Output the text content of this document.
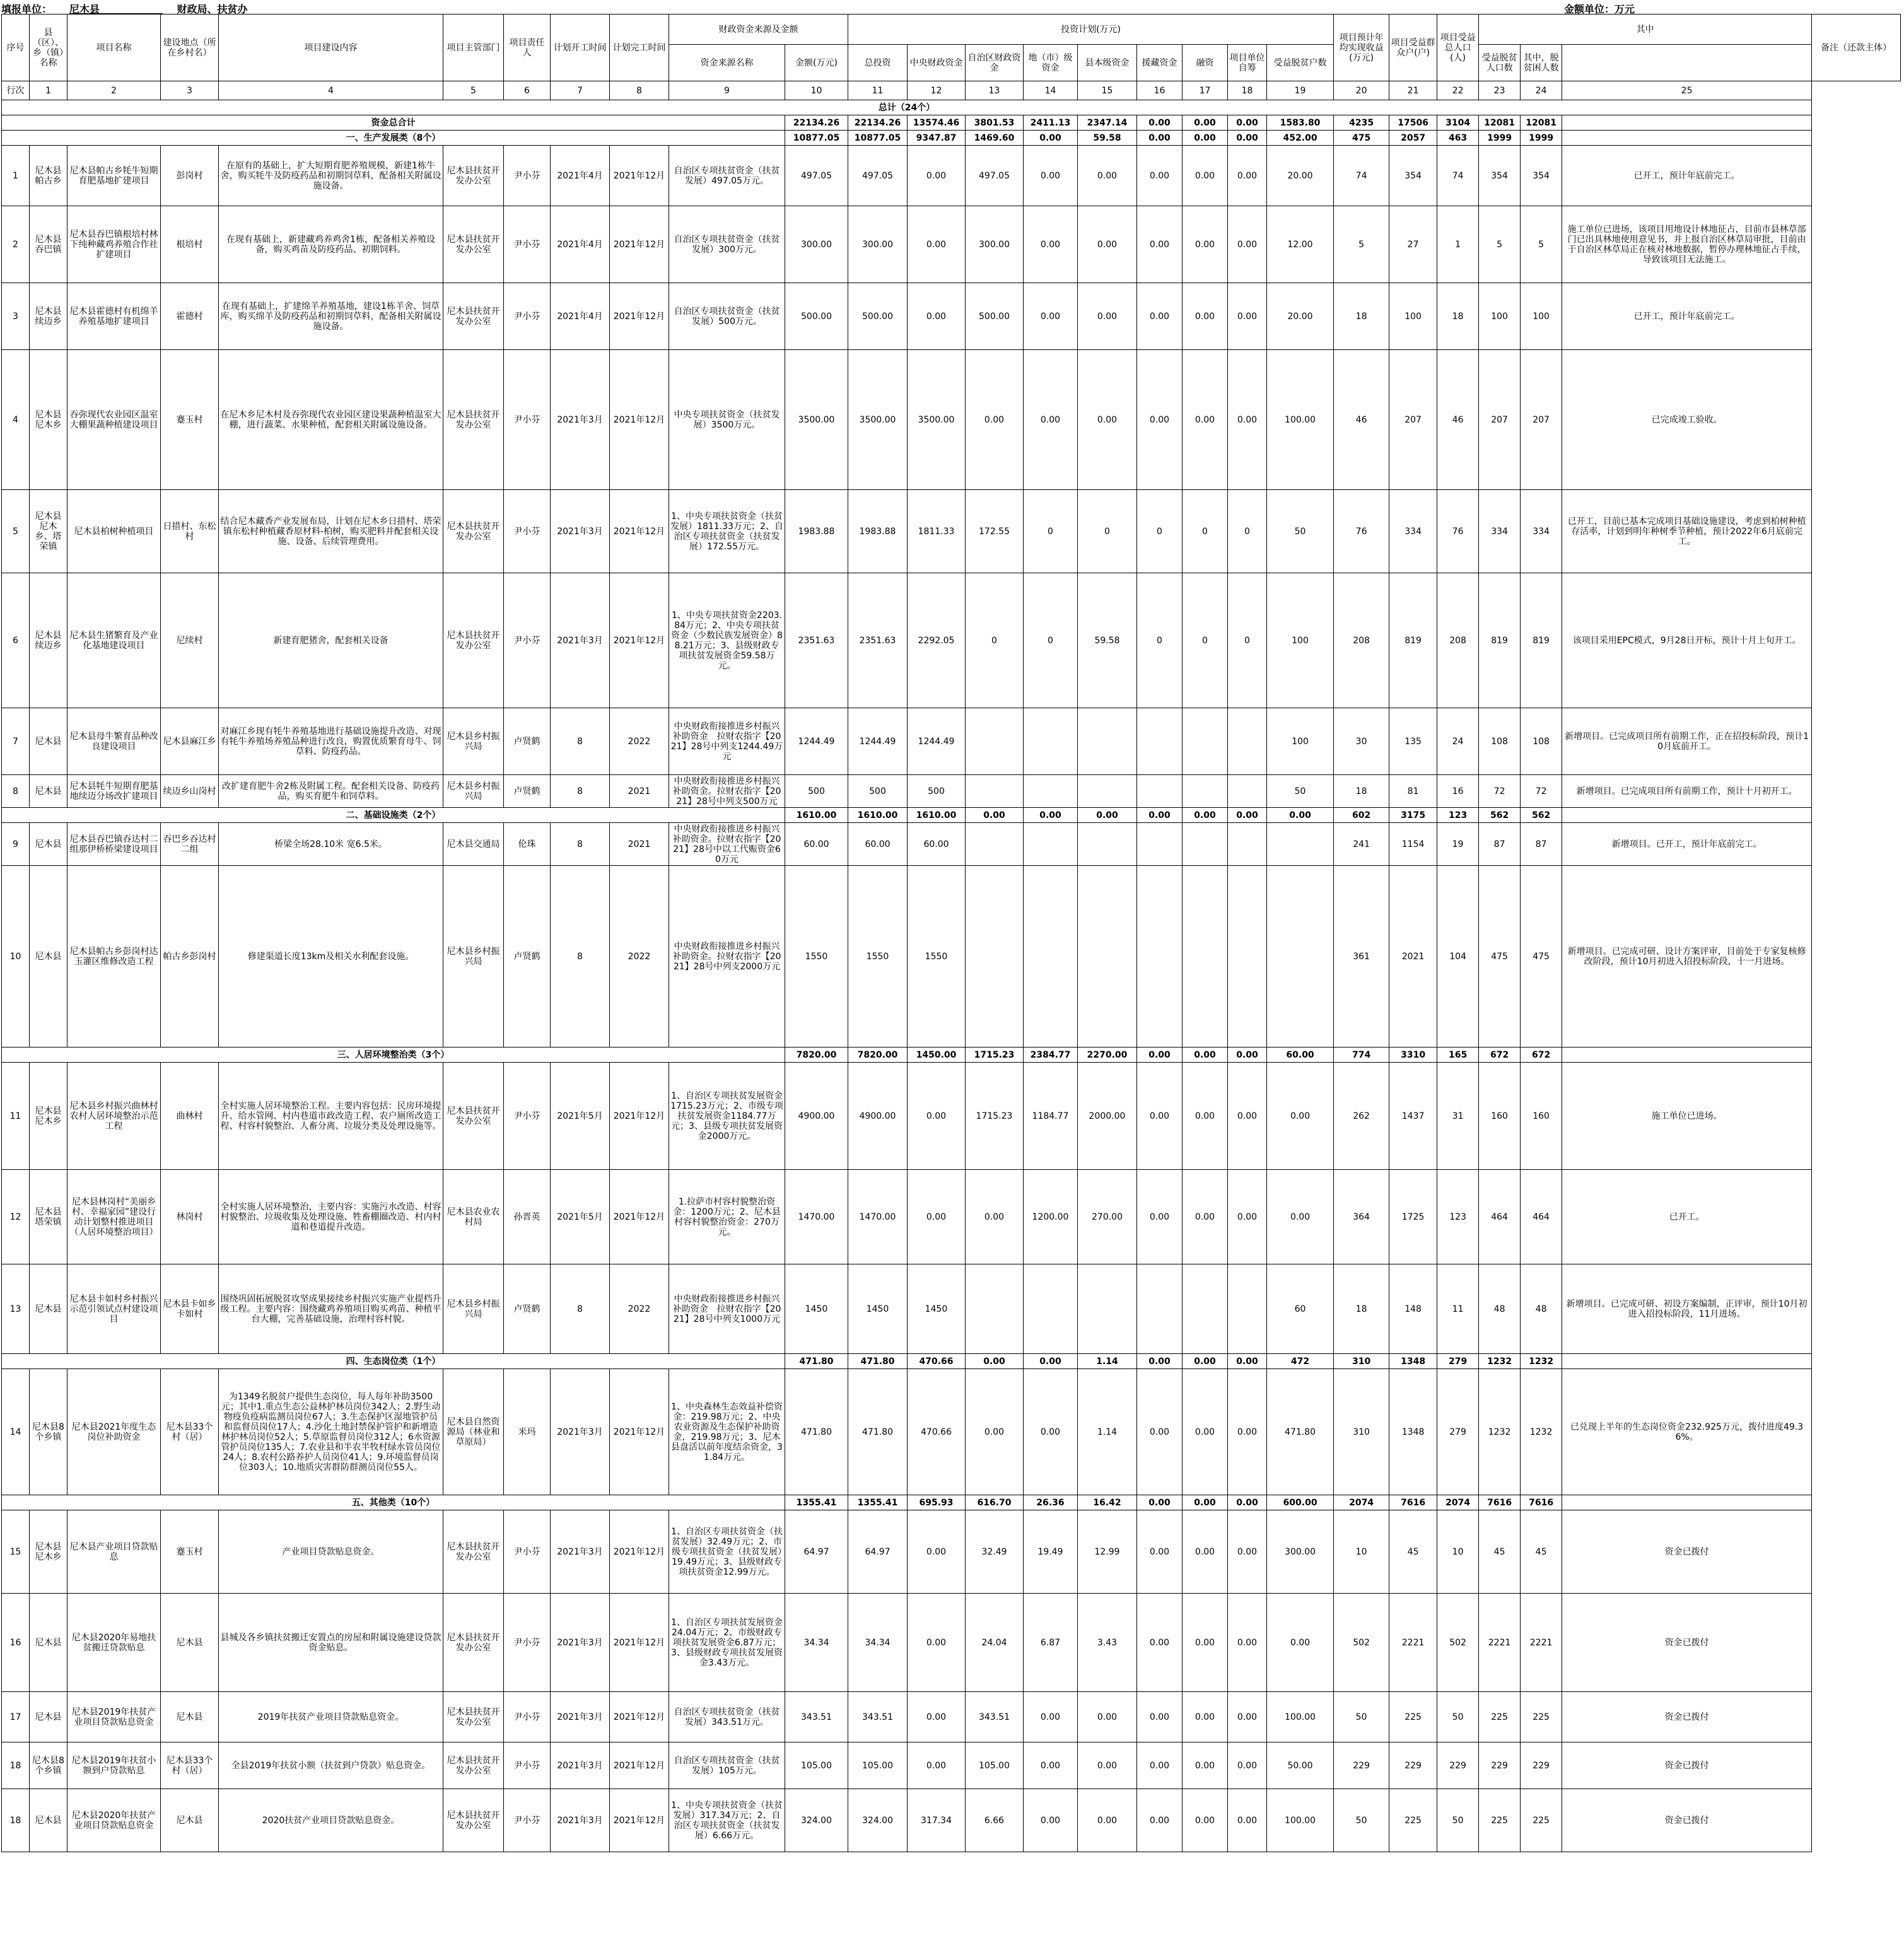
填报单位： 尼木县	财政局、扶贫办	金额单位：万元
序号	县（区）、乡（镇）名称	项目名称	建设地点（所在乡村名）	项目建设内容	项目主管部门	项目责任人	计划开工时间	计划完工时间	财政资金来源及金额		投资计划(万元)									项目预计年均实现收益(万元)	项目受益群众户(户)	项目受益总人口(人)	其中			备注（还款主体）
									资金来源名称	金额(万元)	总投资	中央财政资金	自治区财政资金	地（市）级资金	县本级资金	援藏资金	融资	项目单位自筹	受益脱贫户数				受益脱贫人口数	其中，脱贫困人数		
行次	1	2	3	4	5	6	7	8	9	10	11	12	13	14	15	16	17	18	19	20	21	22	23	24	25	
总计（24个）																										
资金总合计										22134.26	22134.26	13574.46	3801.53	2411.13	2347.14	0.00	0.00	0.00	1583.80	4235	17506	3104	12081	12081		
一、生产发展类（8个）										10877.05	10877.05	9347.87	1469.60	0.00	59.58	0.00	0.00	0.00	452.00	475	2057	463	1999	1999		
1	尼木县帕古乡	尼木县帕古乡牦牛短期育肥基地扩建项目	彭岗村	在原有的基础上，扩大短期育肥养殖规模，新建1栋牛舍，购买牦牛及防疫药品和初期饲草料，配备相关附属设施设备。	尼木县扶贫开发办公室	尹小芬	2021年4月	2021年12月	自治区专项扶贫资金（扶贫发展）497.05万元。	497.05	497.05	0.00	497.05	0.00	0.00	0.00	0.00	0.00	20.00	74	354	74	354	354	已开工，预计年底前完工。	
2	尼木县吞巴镇	尼木县吞巴镇根培村林下纯种藏鸡养殖合作社扩建项目	根培村	在现有基础上，新建藏鸡养鸡舍1栋，配备相关养殖设备，购买鸡苗及防疫药品、初期饲料。	尼木县扶贫开发办公室	尹小芬	2021年4月	2021年12月	自治区专项扶贫资金（扶贫发展）300万元。	300.00	300.00	0.00	300.00	0.00	0.00	0.00	0.00	0.00	12.00	5	27	1	5	5	施工单位已进场，该项目用地设计林地征占，目前市县林草部门已出具林地使用意见书，并上报自治区林草局审批，目前由于自治区林草局正在核对林地数据，暂停办理林地征占手续，导致该项目无法施工。	
3	尼木县续迈乡	尼木县霍德村有机绵羊养殖基地扩建项目	霍德村	在现有基础上，扩建绵羊养殖基地，建设1栋羊舍、饲草库，购买绵羊及防疫药品和初期饲草料，配备相关附属设施设备。	尼木县扶贫开发办公室	尹小芬	2021年4月	2021年12月	自治区专项扶贫资金（扶贫发展）500万元。	500.00	500.00	0.00	500.00	0.00	0.00	0.00	0.00	0.00	20.00	18	100	18	100	100	已开工，预计年底前完工。	
4	尼木县尼木乡	吞弥现代农业园区温室大棚果蔬种植建设项目	蹇玉村	在尼木乡尼木村及吞弥现代农业园区建设果蔬种植温室大棚，进行蔬菜、水果种植，配套相关附属设施设备。	尼木县扶贫开发办公室	尹小芬	2021年3月	2021年12月	中央专项扶贫资金（扶贫发展）3500万元。	3500.00	3500.00	3500.00	0.00	0.00	0.00	0.00	0.00	0.00	100.00	46	207	46	207	207	已完成竣工验收。	
5	尼木县尼木乡、塔荣镇	尼木县柏树种植项目	日措村、东松村	结合尼木藏香产业发展布局，计划在尼木乡日措村、塔荣镇东松村种植藏香原材料-柏树，购买肥料并配套相关设施、设备、后续管理费用。	尼木县扶贫开发办公室	尹小芬	2021年3月	2021年12月	1、中央专项扶贫资金（扶贫发展）1811.33万元；2、自治区专项扶贫资金（扶贫发展）172.55万元。	1983.88	1983.88	1811.33	172.55	0	0	0	0	0	50	76	334	76	334	334	已开工，目前已基本完成项目基础设施建设，考虑到柏树种植存活率，计划到明年种树季节种植，预计2022年6月底前完工。	
6	尼木县续迈乡	尼木县生猪繁育及产业化基地建设项目	尼续村	新建育肥猪舍，配套相关设备	尼木县扶贫开发办公室	尹小芬	2021年3月	2021年12月	1、中央专项扶贫资金2203.84万元；2、中央专项扶贫资金（少数民族发展资金）88.21万元；3、县级财政专项扶贫发展资金59.58万元。	2351.63	2351.63	2292.05	0	0	59.58	0	0	0	100	208	819	208	819	819	该项目采用EPC模式，9月28日开标，预计十月上旬开工。	
7	尼木县	尼木县母牛繁育品种改良建设项目	尼木县麻江乡	对麻江乡现有牦牛养殖基地进行基础设施提升改造、对现有牦牛养殖场养殖品种进行改良，购置优质繁育母牛、饲草料、防疫药品。	尼木县乡村振兴局	卢贤鹤	8	2022	中央财政衔接推进乡村振兴补助资金　拉财农指字【2021】28号中列支1244.49万元	1244.49	1244.49	1244.49							100	30	135	24	108	108	新增项目。已完成项目所有前期工作，正在招投标阶段，预计10月底前开工。	
8	尼木县	尼木县牦牛短期育肥基地续迈分场改扩建项目	续迈乡山岗村	改扩建育肥牛舍2栋及附属工程。配套相关设备、防疫药品，购买育肥牛和饲草料。	尼木县乡村振兴局	卢贤鹤	8	2021	中央财政衔接推进乡村振兴补助资金。拉财农指字【2021】28号中列支500万元	500	500	500							50	18	81	16	72	72	新增项目。已完成项目所有前期工作，预计十月初开工。	
二、基础设施类（2个）										1610.00	1610.00	1610.00	0.00	0.00	0.00	0.00	0.00	0.00	0.00	602	3175	123	562	562		
9	尼木县	尼木县吞巴镇吞达村二组那伊桥桥梁建设项目	吞巴乡吞达村二组	桥梁全场28.10米 宽6.5米。	尼木县交通局	伦珠	8	2021	中央财政衔接推进乡村振兴补助资金。拉财农指字【2021】28号中以工代赈资金60万元	60.00	60.00	60.00								241	1154	19	87	87	新增项目。已开工，预计年底前完工。	
10	尼木县	尼木县帕古乡彭岗村达玉灌区维修改造工程	帕古乡彭岗村	修建渠道长度13km及相关水利配套设施。	尼木县乡村振兴局	卢贤鹤	8	2022	中央财政衔接推进乡村振兴补助资金。拉财农指字【2021】28号中列支2000万元	1550	1550	1550								361	2021	104	475	475	新增项目。已完成可研、设计方案评审，目前处于专家复核修改阶段，预计10月初进入招投标阶段，十一月进场。	
三、人居环境整治类（3个）										7820.00	7820.00	1450.00	1715.23	2384.77	2270.00	0.00	0.00	0.00	60.00	774	3310	165	672	672		
11	尼木县尼木乡	尼木县乡村振兴曲林村农村人居环境整治示范工程	曲林村	全村实施人居环境整治工程。主要内容包括：民房环境提升、给水管网、村内巷道市政改造工程、农户厕所改造工程、村容村貌整治、人畜分离、垃圾分类及处理设施等。	尼木县扶贫开发办公室	尹小芬	2021年5月	2021年12月	1、自治区专项扶贫发展资金1715.23万元；2、市级专项扶贫发展资金1184.77万元；3、县级专项扶贫发展资金2000万元。	4900.00	4900.00	0.00	1715.23	1184.77	2000.00	0.00	0.00	0.00	0.00	262	1437	31	160	160	施工单位已进场。	
12	尼木县塔荣镇	尼木县林岗村“美丽乡村、幸福家园”建设行动计划整村推进项目（人居环境整治项目）	林岗村	全村实施人居环境整治，主要内容：实施污水改造、村容村貌整治、垃圾收集及处理设施、牲畜棚圈改造、村内村道和巷道提升改造。	尼木县农业农村局	孙晋英	2021年5月	2021年12月	1.拉萨市村容村貌整治资金：1200万元；2、尼木县村容村貌整治资金：270万元。	1470.00	1470.00	0.00	0.00	1200.00	270.00	0.00	0.00	0.00	0.00	364	1725	123	464	464	已开工。	
13	尼木县	尼木县卡如村乡村振兴示范引领试点村建设项目	尼木县卡如乡卡如村	围绕巩固拓展脱贫攻坚成果接续乡村振兴实施产业提档升级工程。主要内容：围绕藏鸡养殖项目购买鸡苗、种植平台大棚，完善基础设施，治理村容村貌。	尼木县乡村振兴局	卢贤鹤	8	2022	中央财政衔接推进乡村振兴补助资金　拉财农指字【2021】28号中列支1000万元	1450	1450	1450							60	18	148	11	48	48	新增项目。已完成可研、初设方案编制，正评审，预计10月初进入招投标阶段，11月进场。	
四、生态岗位类（1个）										471.80	471.80	470.66	0.00	0.00	1.14	0.00	0.00	0.00	472	310	1348	279	1232	1232		
14	尼木县8个乡镇	尼木县2021年度生态岗位补助资金	尼木县33个村（居）	为1349名脱贫户提供生态岗位，每人每年补助3500元；其中1.重点生态公益林护林员岗位342人；2.野生动物疫负疫病监测员岗位67人；3.生态保护区湿地管护员和监督员岗位17人；4.沙化土地封禁保护管护和新增造林护林员岗位52人；5.草原监督员岗位312人；6水资源管护员岗位135人；7.农业县和半农半牧村绿水管员岗位24人；8.农村公路养护人员岗位41人；9.环境监督员岗位303人；10.地质灾害群防群测员岗位55人。	尼木县自然资源局（林业和草原局）	米玛	2021年3月	2021年12月	1、中央森林生态效益补偿资金：219.98万元；2、中央农业资源及生态保护补助资金，219.98万元；3、尼木县盘活以前年度结余资金，31.84万元。	471.80	471.80	470.66	0.00	0.00	1.14	0.00	0.00	0.00	471.80	310	1348	279	1232	1232	已兑现上半年的生态岗位资金232.925万元，拨付进度49.36%。	
五、其他类（10个）										1355.41	1355.41	695.93	616.70	26.36	16.42	0.00	0.00	0.00	600.00	2074	7616	2074	7616	7616		
15	尼木县尼木乡	尼木县产业项目贷款贴息	蹇玉村	产业项目贷款贴息资金。	尼木县扶贫开发办公室	尹小芬	2021年3月	2021年12月	1、自治区专项扶贫资金（扶贫发展）32.49万元；2、市级专项扶贫资金（扶贫发展）19.49万元；3、县级财政专项扶贫资金12.99万元。	64.97	64.97	0.00	32.49	19.49	12.99	0.00	0.00	0.00	300.00	10	45	10	45	45	资金已拨付	
16	尼木县	尼木县2020年易地扶贫搬迁贷款贴息	尼木县	县城及各乡镇扶贫搬迁安置点的房屋和附属设施建设贷款资金贴息。	尼木县扶贫开发办公室	尹小芬	2021年3月	2021年12月	1、自治区专项扶贫发展资金24.04万元；2、市级财政专项扶贫发展资金6.87万元；3、县级财政专项扶贫发展资金3.43万元。	34.34	34.34	0.00	24.04	6.87	3.43	0.00	0.00	0.00	0.00	502	2221	502	2221	2221	资金已拨付	
17	尼木县	尼木县2019年扶贫产业项目贷款贴息资金	尼木县	2019年扶贫产业项目贷款贴息资金。	尼木县扶贫开发办公室	尹小芬	2021年3月	2021年12月	自治区专项扶贫资金（扶贫发展）343.51万元。	343.51	343.51	0.00	343.51	0.00	0.00	0.00	0.00	0.00	100.00	50	225	50	225	225	资金已拨付	
18	尼木县8个乡镇	尼木县2019年扶贫小额到户贷款贴息	尼木县33个村（居）	全县2019年扶贫小额（扶贫到户贷款）贴息资金。	尼木县扶贫开发办公室	尹小芬	2021年3月	2021年12月	自治区专项扶贫资金（扶贫发展）105万元。	105.00	105.00	0.00	105.00	0.00	0.00	0.00	0.00	0.00	50.00	229	229	229	229	229	资金已拨付	
18	尼木县	尼木县2020年扶贫产业项目贷款贴息资金	尼木县	2020扶贫产业项目贷款贴息资金。	尼木县扶贫开发办公室	尹小芬	2021年3月	2021年12月	1、中央专项扶贫资金（扶贫发展）317.34万元；2、自治区专项扶贫资金（扶贫发展）6.66万元。	324.00	324.00	317.34	6.66	0.00	0.00	0.00	0.00	0.00	100.00	50	225	50	225	225	资金已拨付	
